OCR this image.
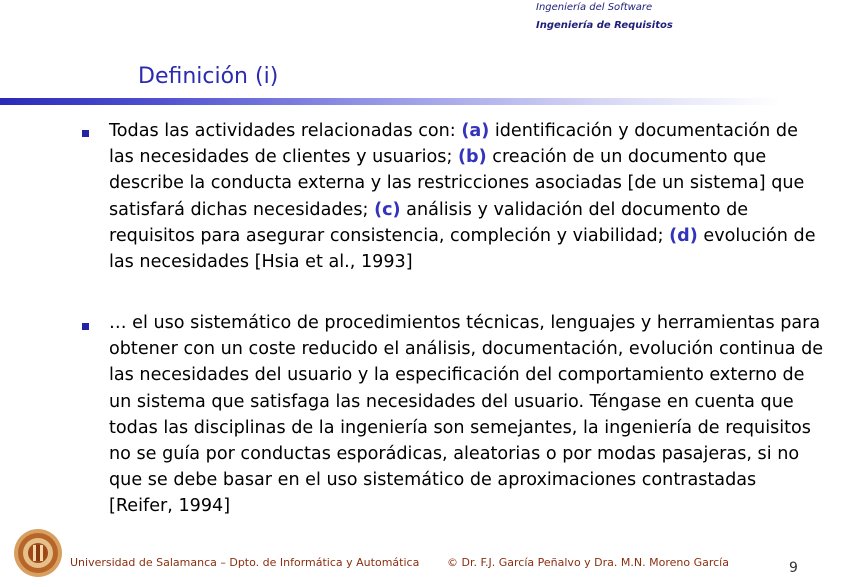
Ingeniería del Software
Ingeniería de Requisitos
Definición (i)

Todas las actividades relacionadas con: (a) identificación y documentación de las necesidades de clientes y usuarios; (b) creación de un documento que describe la conducta externa y las restricciones asociadas [de un sistema] que satisfará dichas necesidades; (c) análisis y validación del documento de requisitos para asegurar consistencia, compleción y viabilidad; (d) evolución de las necesidades [Hsia et al., 1993]

… el uso sistemático de procedimientos técnicas, lenguajes y herramientas para obtener con un coste reducido el análisis, documentación, evolución continua de las necesidades del usuario y la especificación del comportamiento externo de un sistema que satisfaga las necesidades del usuario. Téngase en cuenta que todas las disciplinas de la ingeniería son semejantes, la ingeniería de requisitos no se guía por conductas esporádicas, aleatorias o por modas pasajeras, si no que se debe basar en el uso sistemático de aproximaciones contrastadas [Reifer, 1994]

Universidad de Salamanca – Dpto. de Informática y Automática	© Dr. F.J. García Peñalvo y Dra. M.N. Moreno García	9
